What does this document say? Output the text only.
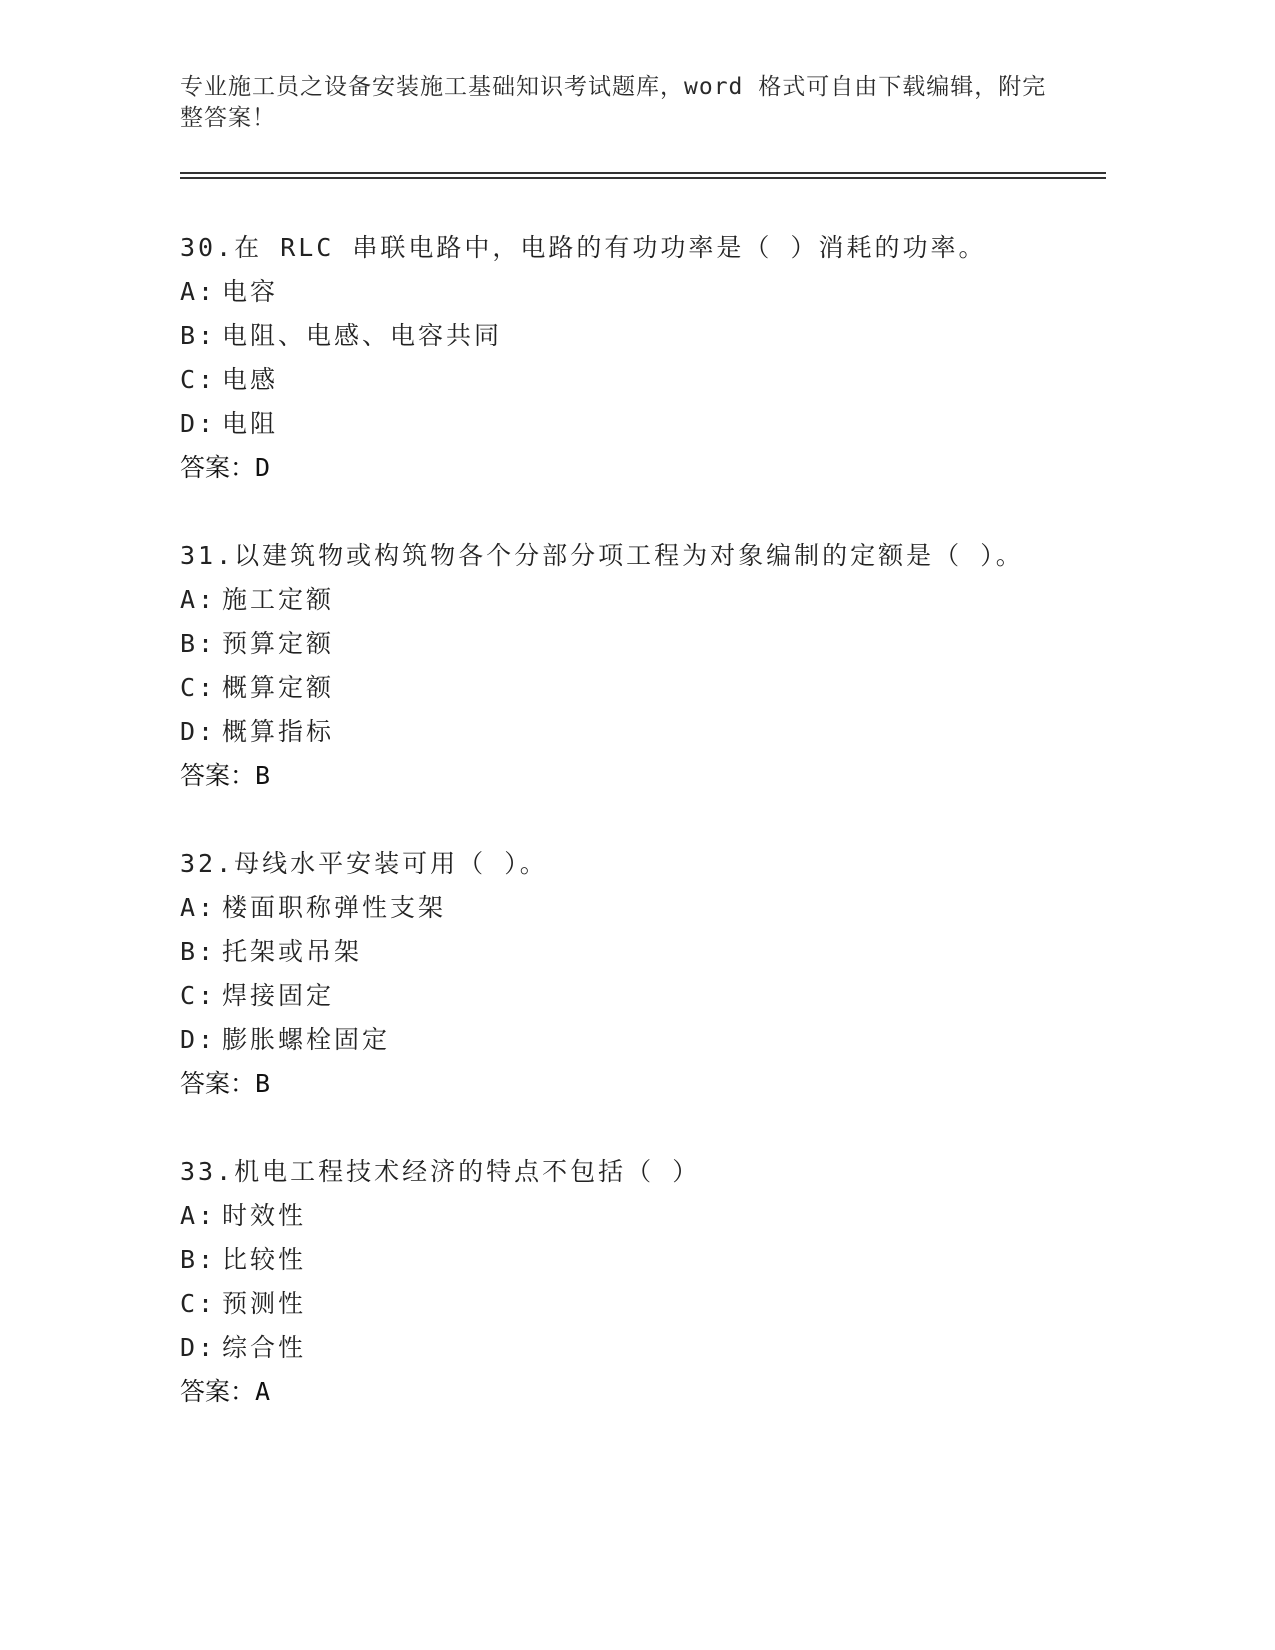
专业施工员之设备安装施工基础知识考试题库，word 格式可自由下载编辑，附完
整答案！
30.在 RLC 串联电路中，电路的有功功率是（ ）消耗的功率。
A: 电容
B: 电阻、电感、电容共同
C: 电感
D: 电阻
答案：D
31.以建筑物或构筑物各个分部分项工程为对象编制的定额是（ ）。
A: 施工定额
B: 预算定额
C: 概算定额
D: 概算指标
答案：B
32.母线水平安装可用（ ）。
A: 楼面职称弹性支架
B: 托架或吊架
C: 焊接固定
D: 膨胀螺栓固定
答案：B
33.机电工程技术经济的特点不包括（ ）
A: 时效性
B: 比较性
C: 预测性
D: 综合性
答案：A
